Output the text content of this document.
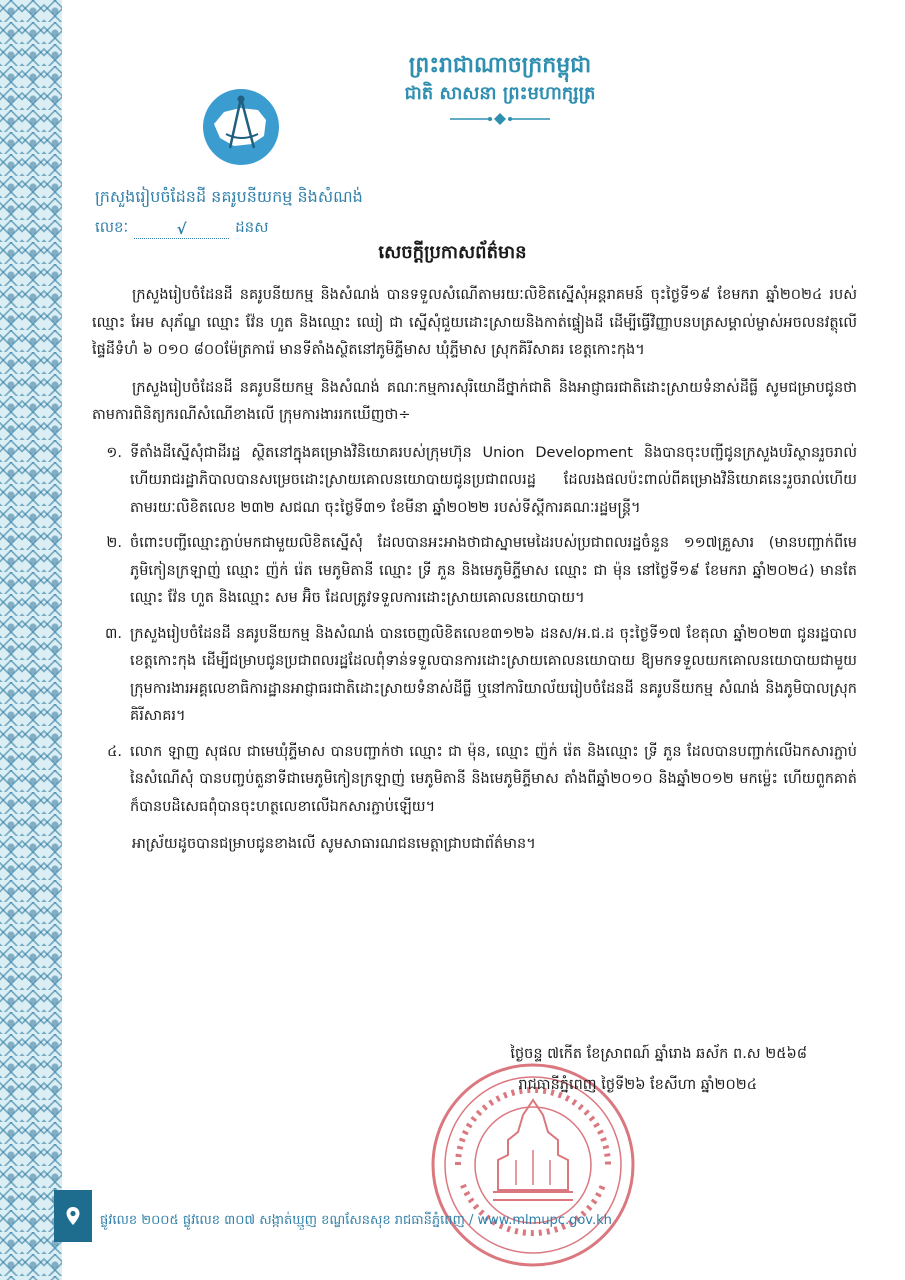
ព្រះរាជាណាចក្រកម្ពុជា
ជាតិ សាសនា ព្រះមហាក្សត្រ
ក្រសួងរៀបចំដែនដី នគរូបនីយកម្ម និងសំណង់
លេខៈ	√	ដនស
សេចក្តីប្រកាសព័ត៌មាន

ក្រសួងរៀបចំដែនដី នគរូបនីយកម្ម និងសំណង់ បានទទួលសំណើតាមរយៈលិខិតស្នើសុំអន្តរាគមន៍ ចុះថ្ងៃទី១៩ ខែមករា ឆ្នាំ២០២៤ របស់ឈ្មោះ អែម សុភ័ណ្ឌ ឈ្មោះ វ៉ែន ហួត និងឈ្មោះ ឈៀ ជា ស្នើសុំជួយដោះស្រាយនិងកាត់ផ្ទៀងដី ដើម្បីធ្វើវិញ្ញាបនបត្រសម្គាល់ម្ចាស់អចលនវត្ថុលើផ្ទៃដីទំហំ ៦ ០១០ ៨០០ម៉ែត្រការ៉េ មានទីតាំងស្ថិតនៅភូមិភ្ទីមាស ឃុំភ្ទីមាស ស្រុកគិរីសាគរ ខេត្តកោះកុង។

ក្រសួងរៀបចំដែនដី នគរូបនីយកម្ម និងសំណង់ គណៈកម្មការសុរិយោដីថ្នាក់ជាតិ និងអាជ្ញាធរជាតិដោះស្រាយទំនាស់ដីធ្លី សូមជម្រាបជូនថា តាមការពិនិត្យករណីសំណើខាងលើ ក្រុមការងាររកឃើញថា÷

១. ទីតាំងដីស្នើសុំជាដីរដ្ឋ ស្ថិតនៅក្នុងគម្រោងវិនិយោគរបស់ក្រុមហ៊ុន Union Development និងបានចុះបញ្ជីជូនក្រសួងបរិស្ថានរួចរាល់ ហើយរាជរដ្ឋាភិបាលបានសម្រេចដោះស្រាយគោលនយោបាយជូនប្រជាពលរដ្ឋ ដែលរងផលប៉ះពាល់ពីគម្រោងវិនិយោគនេះរួចរាល់ហើយ តាមរយៈលិខិតលេខ ២៣២ សជណ ចុះថ្ងៃទី៣១ ខែមីនា ឆ្នាំ២០២២ របស់ទីស្ដីការគណៈរដ្ឋមន្ត្រី។
២. ចំពោះបញ្ជីឈ្មោះភ្ជាប់មកជាមួយលិខិតស្នើសុំ ដែលបានអះអាងថាជាស្នាមមេដៃរបស់ប្រជាពលរដ្ឋចំនួន ១១៧គ្រួសារ (មានបញ្ជាក់ពីមេភូមិកៀនក្រឡាញ់ ឈ្មោះ ញ៉ក់ រ៉េត មេភូមិតានី ឈ្មោះ ទ្រី ភួន និងមេភូមិភ្ទីមាស ឈ្មោះ ជា ម៉ុន នៅថ្ងៃទី១៩ ខែមករា ឆ្នាំ២០២៤) មានតែឈ្មោះ វ៉ែន ហួត និងឈ្មោះ សម អ៊ិច ដែលត្រូវទទួលការដោះស្រាយគោលនយោបាយ។
៣. ក្រសួងរៀបចំដែនដី នគរូបនីយកម្ម និងសំណង់ បានចេញលិខិតលេខ៣១២៦ ដនស/អ.ជ.ដ ចុះថ្ងៃទី១៧ ខែតុលា ឆ្នាំ២០២៣ ជូនរដ្ឋបាលខេត្តកោះកុង ដើម្បីជម្រាបជូនប្រជាពលរដ្ឋដែលពុំទាន់ទទួលបានការដោះស្រាយគោលនយោបាយ ឱ្យមកទទួលយកគោលនយោបាយជាមួយក្រុមការងារអគ្គលេខាធិការដ្ឋានអាជ្ញាធរជាតិដោះស្រាយទំនាស់ដីធ្លី ឬនៅការិយាល័យរៀបចំដែនដី នគរូបនីយកម្ម សំណង់ និងភូមិបាលស្រុកគិរីសាគរ។
៤. លោក ឡាញ សុផល ជាមេឃុំភ្ទីមាស បានបញ្ជាក់ថា ឈ្មោះ ជា ម៉ុន, ឈ្មោះ ញ៉ក់ រ៉េត និងឈ្មោះ ទ្រី ភួន ដែលបានបញ្ជាក់លើឯកសារភ្ជាប់នៃសំណើសុំ បានបញ្ចប់តួនាទីជាមេភូមិកៀនក្រឡាញ់ មេភូមិតានី និងមេភូមិភ្ទីមាស តាំងពីឆ្នាំ២០១០ និងឆ្នាំ២០១២ មកម្ល៉េះ ហើយពួកគាត់ក៏បានបដិសេធពុំបានចុះហត្ថលេខាលើឯកសារភ្ជាប់ឡើយ។

អាស្រ័យដូចបានជម្រាបជូនខាងលើ សូមសាធារណជនមេត្តាជ្រាបជាព័ត៌មាន។

ថ្ងៃចន្ទ ៧កេីត ខែស្រាពណ៍ ឆ្នាំរោង ឆស័ក ព.ស ២៥៦៨
រាជធានីភ្នំពេញ ថ្ងៃទី២៦ ខែសីហា ឆ្នាំ២០២៤
ផ្លូវលេខ ២០០៥ ផ្លូវលេខ ៣០៧ សង្កាត់ឃ្មួញ ខណ្ឌសែនសុខ រាជធានីភ្នំពេញ / www.mlmupc.gov.kh
